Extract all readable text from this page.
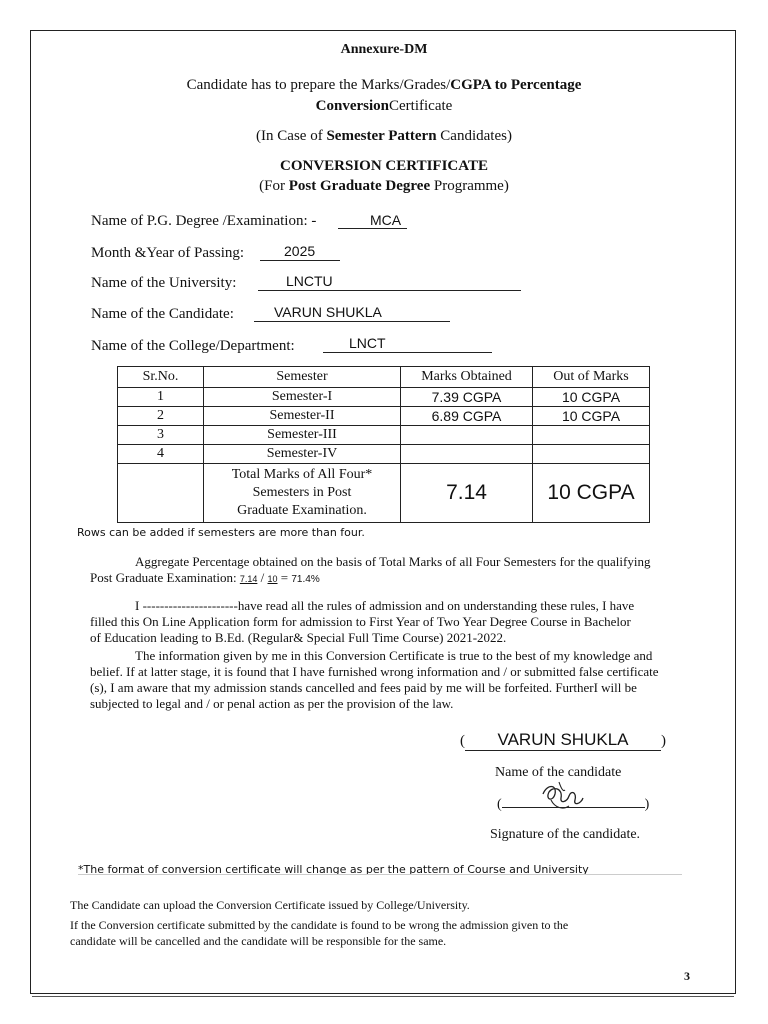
Annexure-DM
Candidate has to prepare the Marks/Grades/CGPA to Percentage
ConversionCertificate
(In Case of Semester Pattern Candidates)
CONVERSION CERTIFICATE
(For Post Graduate Degree Programme)
Name of P.G. Degree /Examination: -	MCA
Month &Year of Passing:	2025
Name of the University:	LNCTU
Name of the Candidate:	VARUN SHUKLA
Name of the College/Department:	LNCT
Sr.No.	Semester	Marks Obtained	Out of Marks
1	Semester-I	7.39 CGPA	10 CGPA
2	Semester-II	6.89 CGPA	10 CGPA
3	Semester-III		
4	Semester-IV		

	Total Marks of All Four*
Semesters in Post
Graduate Examination.	7.14	10 CGPA
Rows can be added if semesters are more than four.
Aggregate Percentage obtained on the basis of Total Marks of all Four Semesters for the qualifying
Post Graduate Examination: 7.14 / 10 = 71.4%
I ----------------------have read all the rules of admission and on understanding these rules, I have
filled this On Line Application form for admission to First Year of Two Year Degree Course in Bachelor
of Education leading to B.Ed. (Regular& Special Full Time Course) 2021-2022.
The information given by me in this Conversion Certificate is true to the best of my knowledge and
belief. If at latter stage, it is found that I have furnished wrong information and / or submitted false certificate
(s), I am aware that my admission stands cancelled and fees paid by me will be forfeited. FurtherI will be
subjected to legal and / or penal action as per the provision of the law.
( VARUN SHUKLA )
Name of the candidate
(	)
Signature of the candidate.
*The format of conversion certificate will change as per the pattern of Course and University
The Candidate can upload the Conversion Certificate issued by College/University.
If the Conversion certificate submitted by the candidate is found to be wrong the admission given to the
candidate will be cancelled and the candidate will be responsible for the same.
3
